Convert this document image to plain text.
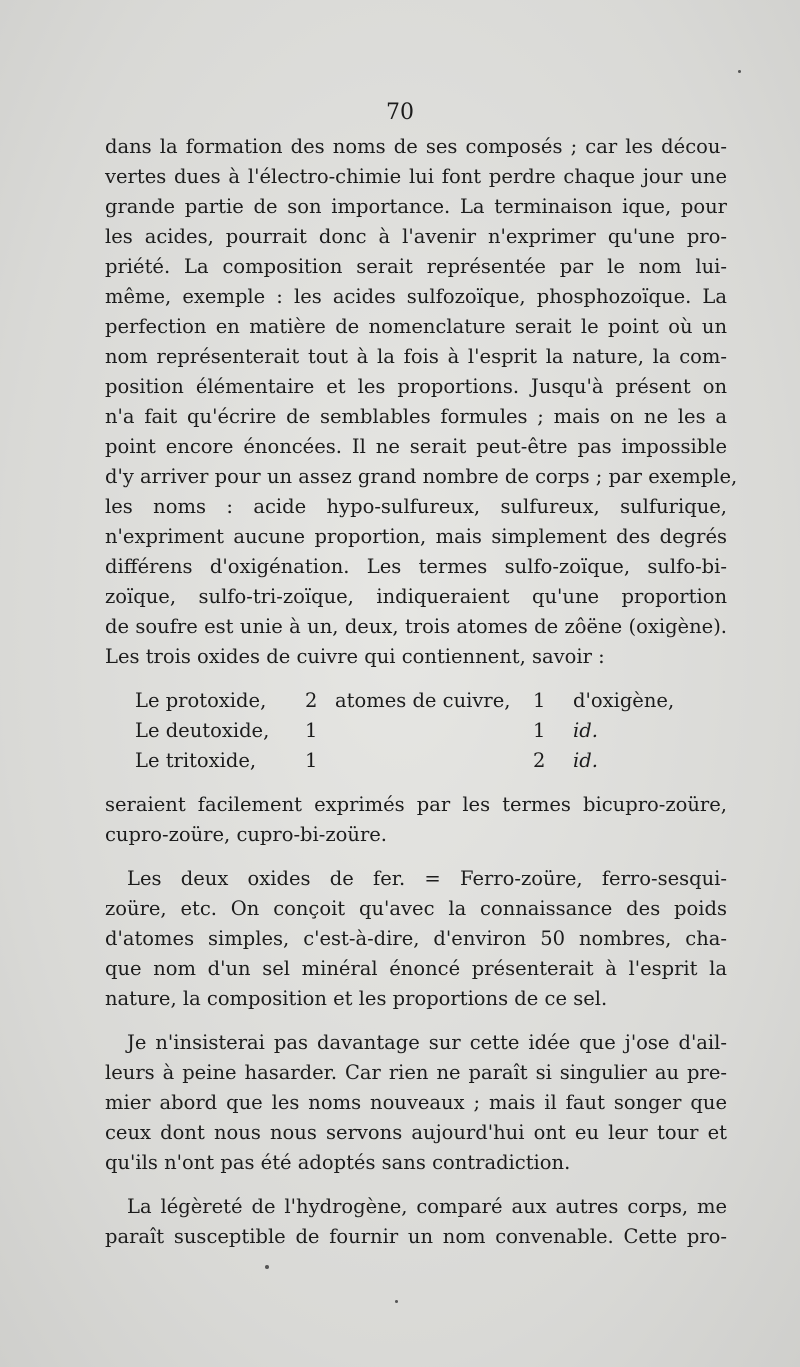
70
dans la formation des noms de ses composés ; car les décou-
vertes dues à l'électro-chimie lui font perdre chaque jour une
grande partie de son importance. La terminaison ique, pour
les acides, pourrait donc à l'avenir n'exprimer qu'une pro-
priété. La composition serait représentée par le nom lui-
même, exemple : les acides sulfozoïque, phosphozoïque. La
perfection en matière de nomenclature serait le point où un
nom représenterait tout à la fois à l'esprit la nature, la com-
position élémentaire et les proportions. Jusqu'à présent on
n'a fait qu'écrire de semblables formules ; mais on ne les a
point encore énoncées. Il ne serait peut-être pas impossible
d'y arriver pour un assez grand nombre de corps ; par exemple,
les noms : acide hypo-sulfureux, sulfureux, sulfurique,
n'expriment aucune proportion, mais simplement des degrés
différens d'oxigénation. Les termes sulfo-zoïque, sulfo-bi-
zoïque, sulfo-tri-zoïque, indiqueraient qu'une proportion
de soufre est unie à un, deux, trois atomes de zôëne (oxigène).
Les trois oxides de cuivre qui contiennent, savoir :
Le protoxide,	2 atomes de cuivre,	1	d'oxigène,
Le deutoxide,	1	1	id.
Le tritoxide,	1	2	id.
seraient facilement exprimés par les termes bicupro-zoüre,
cupro-zoüre, cupro-bi-zoüre.
Les deux oxides de fer. = Ferro-zoüre, ferro-sesqui-
zoüre, etc. On conçoit qu'avec la connaissance des poids
d'atomes simples, c'est-à-dire, d'environ 50 nombres, cha-
que nom d'un sel minéral énoncé présenterait à l'esprit la
nature, la composition et les proportions de ce sel.
Je n'insisterai pas davantage sur cette idée que j'ose d'ail-
leurs à peine hasarder. Car rien ne paraît si singulier au pre-
mier abord que les noms nouveaux ; mais il faut songer que
ceux dont nous nous servons aujourd'hui ont eu leur tour et
qu'ils n'ont pas été adoptés sans contradiction.
La légèreté de l'hydrogène, comparé aux autres corps, me
paraît susceptible de fournir un nom convenable. Cette pro-
